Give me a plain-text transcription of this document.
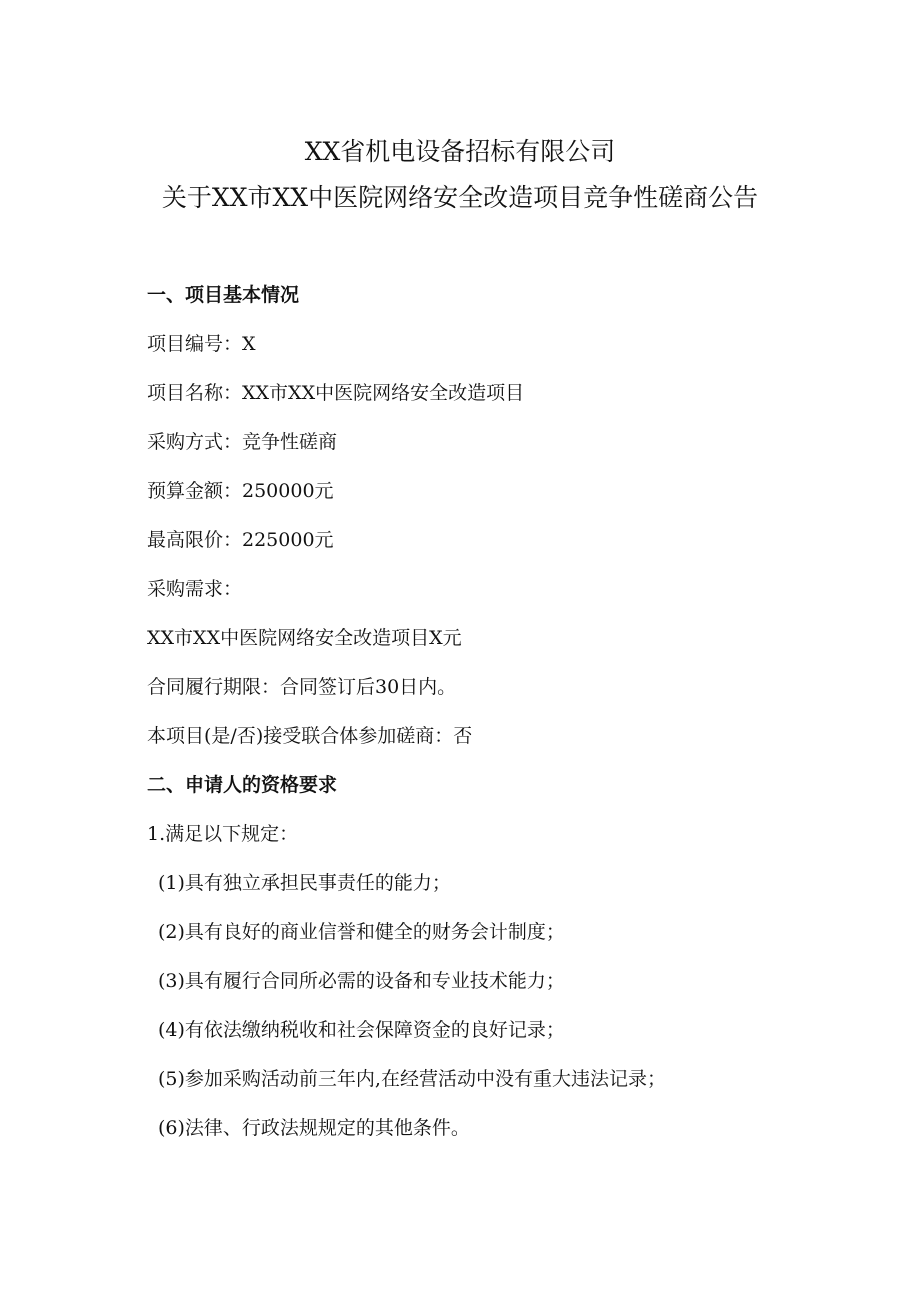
XX省机电设备招标有限公司
关于XX市XX中医院网络安全改造项目竞争性磋商公告
一、项目基本情况
项目编号：X
项目名称：XX市XX中医院网络安全改造项目
采购方式：竞争性磋商
预算金额：250000元
最高限价：225000元
采购需求：
XX市XX中医院网络安全改造项目X元
合同履行期限：合同签订后30日内。
本项目(是/否)接受联合体参加磋商：否
二、申请人的资格要求
1.满足以下规定：
(1)具有独立承担民事责任的能力；
(2)具有良好的商业信誉和健全的财务会计制度；
(3)具有履行合同所必需的设备和专业技术能力；
(4)有依法缴纳税收和社会保障资金的良好记录；
(5)参加采购活动前三年内,在经营活动中没有重大违法记录；
(6)法律、行政法规规定的其他条件。
